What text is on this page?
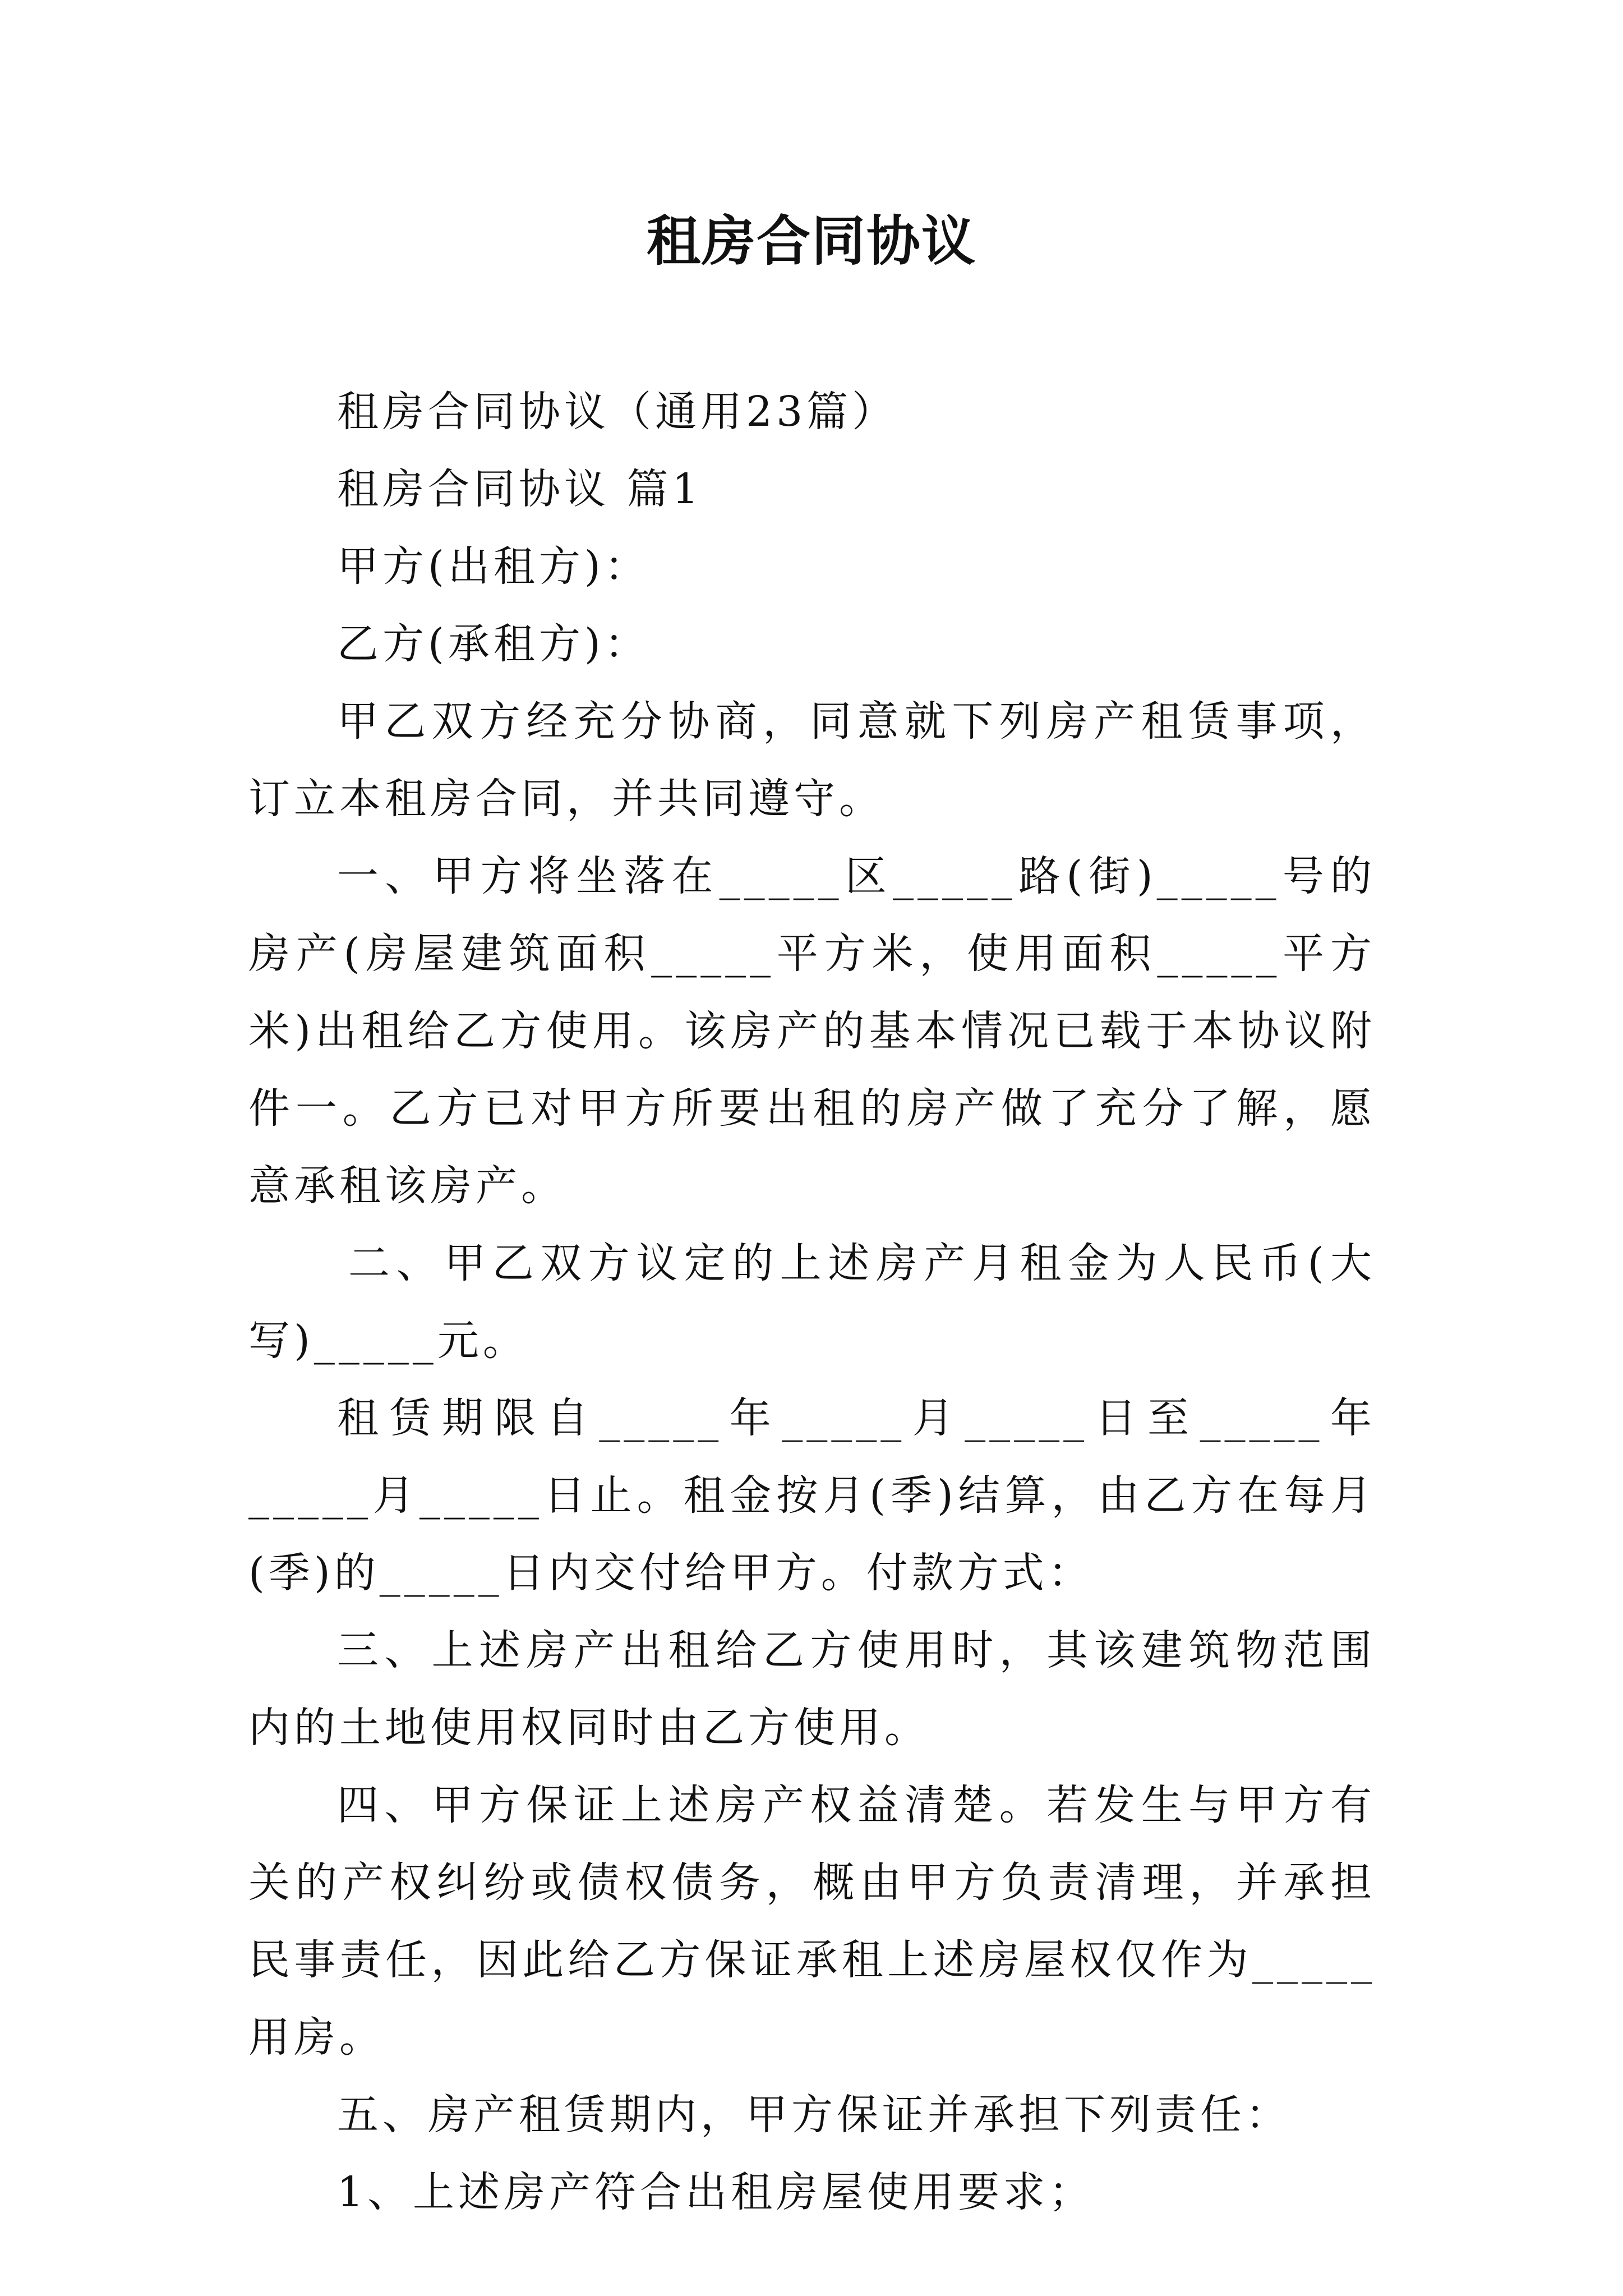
租房合同协议

租房合同协议（通用23篇）

租房合同协议 篇1

甲方(出租方)：

乙方(承租方)：

甲乙双方经充分协商，同意就下列房产租赁事项，订立本租房合同，并共同遵守。

一、甲方将坐落在_____区_____路(街)_____号的房产(房屋建筑面积_____平方米，使用面积_____平方米)出租给乙方使用。该房产的基本情况已载于本协议附件一。乙方已对甲方所要出租的房产做了充分了解，愿意承租该房产。

二、甲乙双方议定的上述房产月租金为人民币(大写)_____元。

租赁期限自_____年_____月_____日至_____年_____月_____日止。租金按月(季)结算，由乙方在每月(季)的_____日内交付给甲方。付款方式：

三、上述房产出租给乙方使用时，其该建筑物范围内的土地使用权同时由乙方使用。

四、甲方保证上述房产权益清楚。若发生与甲方有关的产权纠纷或债权债务，概由甲方负责清理，并承担民事责任，因此给乙方保证承租上述房屋权仅作为_____用房。

五、房产租赁期内，甲方保证并承担下列责任：

1、上述房产符合出租房屋使用要求；
